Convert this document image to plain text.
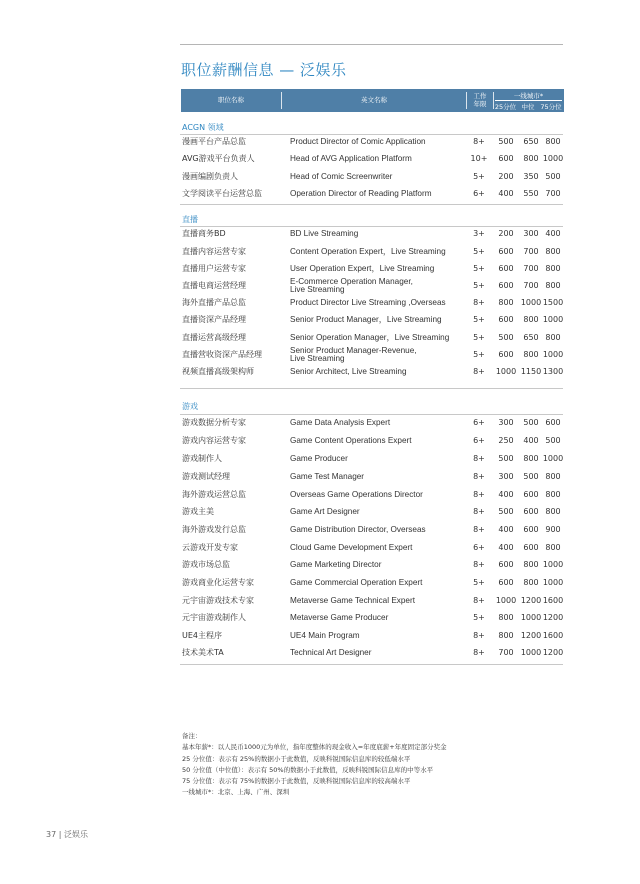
职位薪酬信息 — 泛娱乐
职位名称	英文名称	工作
年限
一线城市*
25分位 中位 75分位
ACGN 领域
漫画平台产品总监	Product Director of Comic Application	8+	500	650 800
AVG游戏平台负责人	Head of AVG Application Platform	10+	600	800 1000
漫画编剧负责人	Head of Comic Screenwriter	5+	200	350 500
文学阅读平台运营总监	Operation Director of Reading Platform	6+	400	550 700
直播
直播商务BD	BD Live Streaming	3+	200	300 400
直播内容运营专家	Content Operation Expert，Live Streaming	5+	600	700 800
直播用户运营专家	User Operation Expert，Live Streaming	5+	600	700 800
直播电商运营经理	E-Commerce Operation Manager,
Live Streaming	5+	600	700 800
海外直播产品总监	Product Director Live Streaming ,Overseas	8+	800 1000 1500
直播资深产品经理	Senior Product Manager，Live Streaming	5+	600	800 1000
直播运营高级经理	Senior Operation Manager，Live Streaming	5+	500	650 800
直播营收资深产品经理	Senior Product Manager-Revenue,
Live Streaming	5+	600	800 1000
视频直播高级架构师	Senior Architect, Live Streaming	8+	1000 1150 1300
游戏
游戏数据分析专家	Game Data Analysis Expert	6+	300	500 600
游戏内容运营专家	Game Content Operations Expert	6+	250	400 500
游戏制作人	Game Producer	8+	500	800 1000
游戏测试经理	Game Test Manager	8+	300	500 800
海外游戏运营总监	Overseas Game Operations Director	8+	400	600 800
游戏主美	Game Art Designer	8+	500	600 800
海外游戏发行总监	Game Distribution Director, Overseas	8+	400	600 900
云游戏开发专家	Cloud Game Development Expert	6+	400	600 800
游戏市场总监	Game Marketing Director	8+	600	800 1000
游戏商业化运营专家	Game Commercial Operation Expert	5+	600	800 1000
元宇宙游戏技术专家	Metaverse Game Technical Expert	8+	1000 1200 1600
元宇宙游戏制作人	Metaverse Game Producer	5+	800 1000 1200
UE4主程序	UE4 Main Program	8+	800 1200 1600
技术美术TA	Technical Art Designer	8+	700 1000 1200
备注：
基本年薪*：以人民币1000元为单位，指年度整体的现金收入=年度底薪+年度固定部分奖金
25 分位值：表示有 25%的数据小于此数值，反映科锐国际信息库的较低端水平
50 分位值（中位值）：表示有 50%的数据小于此数值，反映科锐国际信息库的中等水平
75 分位值：表示有 75%的数据小于此数值，反映科锐国际信息库的较高端水平
一线城市*：北京、上海、广州、深圳
37 | 泛娱乐
